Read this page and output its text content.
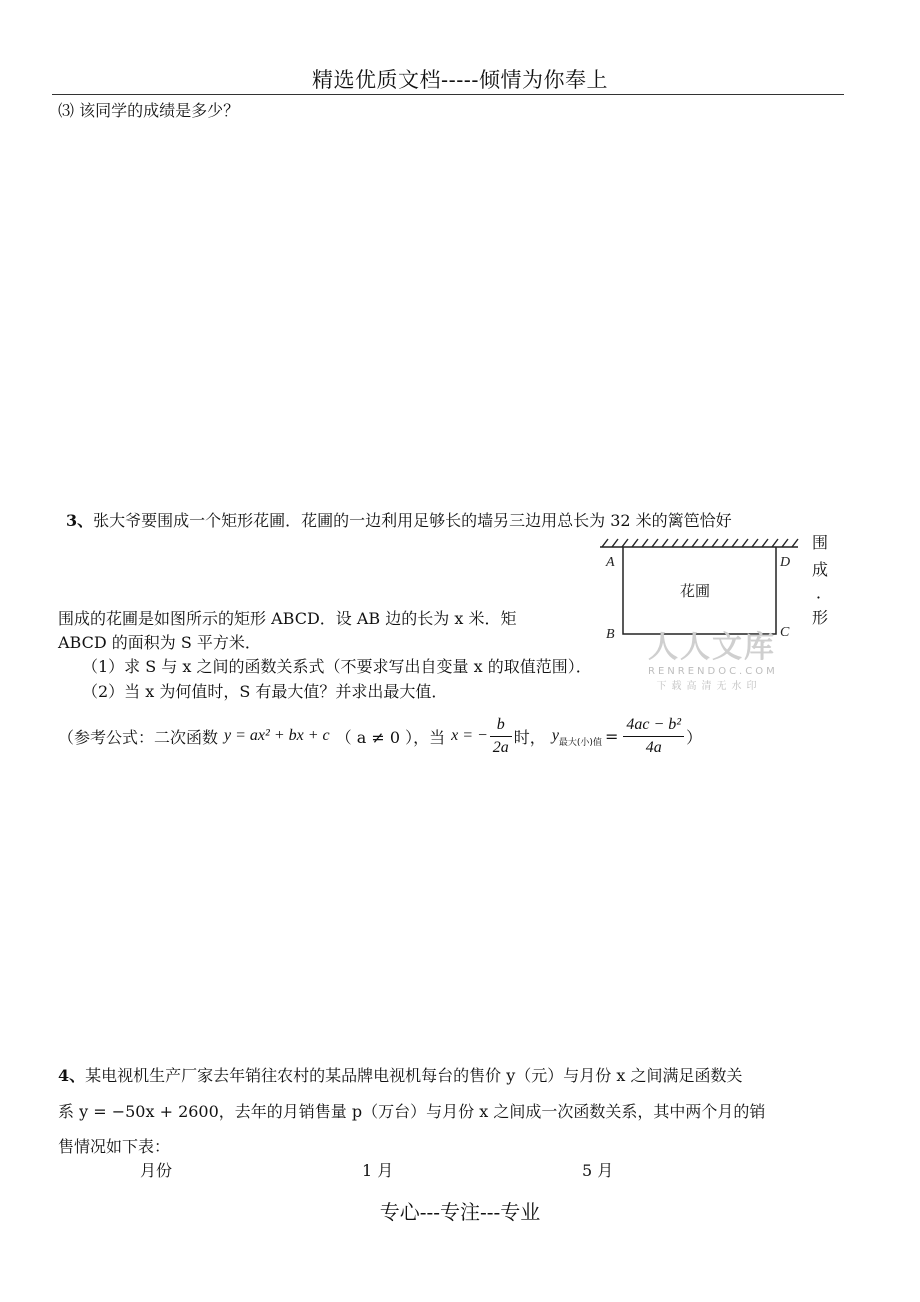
精选优质文档-----倾情为你奉上
⑶ 该同学的成绩是多少？
3、张大爷要围成一个矩形花圃．花圃的一边利用足够长的墙另三边用总长为 32 米的篱笆恰好
围
成
．
形
A	D
B	C
花圃
围成的花圃是如图所示的矩形 ABCD．设 AB 边的长为 x 米．矩
ABCD 的面积为 S 平方米．
（1）求 S 与 x 之间的函数关系式（不要求写出自变量 x 的取值范围）．
（2）当 x 为何值时，S 有最大值？并求出最大值．
人人文库
RENRENDOC.COM
下载高清无水印
（参考公式：二次函数 y = ax² + bx + c （ a ≠ 0 ），当 x = − $\frac{b}{2a}$ 时， y 最大(小)值 = $\frac{\text{4ac − b²}}{4a}$ ）
4、某电视机生产厂家去年销往农村的某品牌电视机每台的售价 y（元）与月份 x 之间满足函数关
系 y = −50x + 2600，去年的月销售量 p（万台）与月份 x 之间成一次函数关系，其中两个月的销
售情况如下表：
月份	1 月	5 月
专心---专注---专业
